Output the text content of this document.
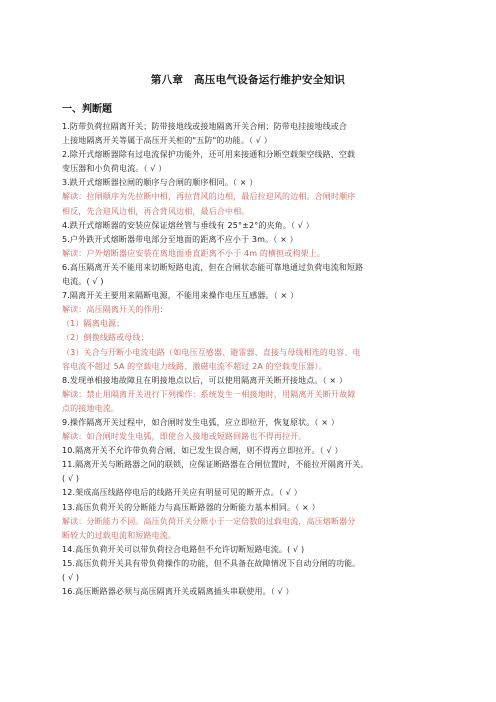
第八章　高压电气设备运行维护安全知识
一、判断题

1.防带负荷拉隔离开关；防带接地线或接地隔离开关合闸；防带电挂接地线或合

上接地隔离开关等属于高压开关柜的"五防"的功能。（ √ ）

2.除开式熔断器除有过电流保护功能外，还可用来接通和分断空载架空线路、空载

变压器和小负荷电流。（ √ ）

3.跌开式熔断器拉闸的顺序与合闸的顺序相同。（ × ）

解读：拉闸顺序为先拉断中相，再拉背风的边相，最后拉迎风的边相。合闸时顺序

相反，先合迎风边相，再合背风边相，最后合中相。

4.跌开式熔断器的安装应保证熔丝管与垂线有 25°±2°的夹角。（ √ ）

5.户外跌开式熔断器带电部分至地面的距离不应小于 3m。（ × ）

解读：户外熔断器应安装在离地面垂直距离不小于 4m 的横担或构架上。

6.高压隔离开关不能用来切断短路电流，但在合闸状态能可靠地通过负荷电流和短路

电流。( √ )

7.隔离开关主要用来隔断电源，不能用来操作电压互感器。（ × ）

解读：高压隔离开关的作用：

（1）隔离电源；

（2）倒换线路或母线；

（3）关合与开断小电流电路（如电压互感器、避雷器、直接与母线相连的电容、电

容电流不超过 5A 的空载电力线路、激磁电流不超过 2A 的空载变压器）。

8.发现单相接地故障且在明接地点以后，可以使用隔离开关断开接地点。（ × ）

解读：禁止用隔离开关进行下列操作：系统发生一相接地时，用隔离开关断开故障

点的接地电流。

9.操作隔离开关过程中，如合闸时发生电弧，应立即拉开，恢复原状。（ × ）

解读：如合闸时发生电弧，即使合入接地或短路回路也不得再拉开。

10.隔离开关不允许带负荷合闸，如已发生误合闸，则不得再立即拉开。（ √ ）

11.隔离开关与断路器之间的联锁，应保证断路器在合闸位置时，不能拉开隔离开关。

( √ )

12.架成高压线路停电后的线路开关应有明显可见的断开点。（ √ ）

13.高压负荷开关的分断能力与高压断路器的分断能力基本相同。（ × ）

解读：分断能力不同。高压负荷开关分断小于一定倍数的过载电流，高压熔断器分

断较大的过载电流和短路电流。

14.高压负荷开关可以带负荷拉合电路但不允许切断短路电流。( √ )

15.高压负荷开关具有带负荷操作的功能，但不具备在故障情况下自动分闸的功能。

( √ )

16.高压断路器必须与高压隔离开关或隔离插头串联使用。（ √ ）
